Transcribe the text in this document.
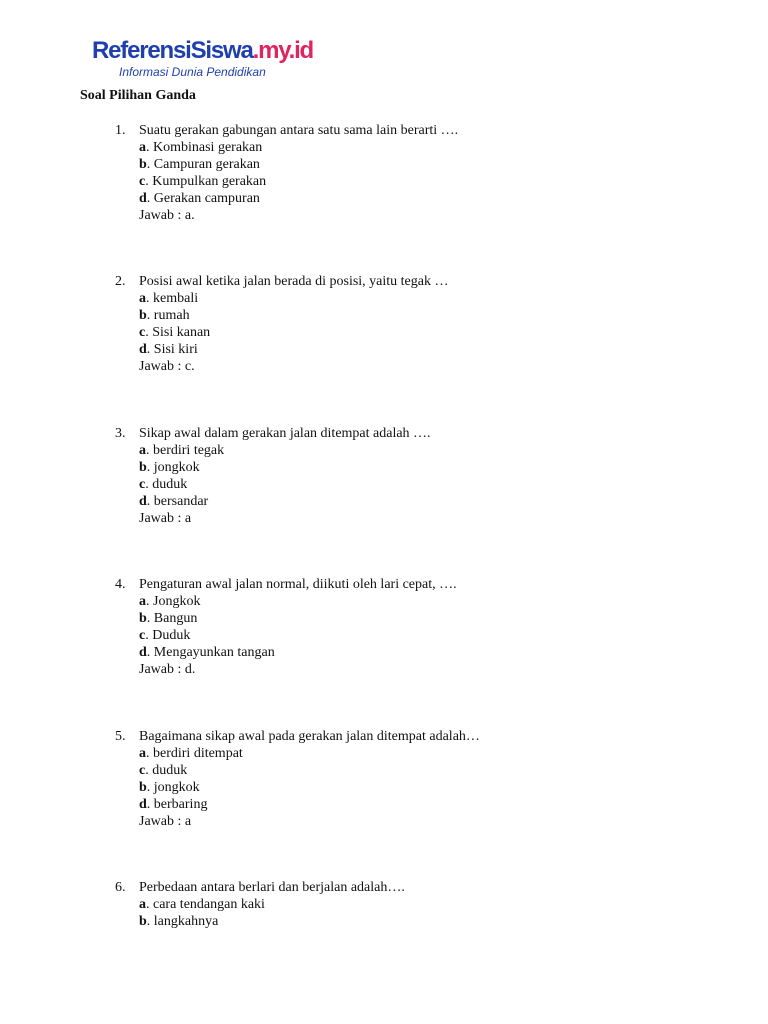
ReferensiSiswa.my.id
Informasi Dunia Pendidikan
Soal Pilihan Ganda
1. Suatu gerakan gabungan antara satu sama lain berarti ….
a. Kombinasi gerakan
b. Campuran gerakan
c. Kumpulkan gerakan
d. Gerakan campuran
Jawab : a.
2. Posisi awal ketika jalan berada di posisi, yaitu tegak …
a. kembali
b. rumah
c. Sisi kanan
d. Sisi kiri
Jawab : c.
3. Sikap awal dalam gerakan jalan ditempat adalah ….
a. berdiri tegak
b. jongkok
c. duduk
d. bersandar
Jawab : a
4. Pengaturan awal jalan normal, diikuti oleh lari cepat, ….
a. Jongkok
b. Bangun
c. Duduk
d. Mengayunkan tangan
Jawab : d.
5. Bagaimana sikap awal pada gerakan jalan ditempat adalah…
a. berdiri ditempat
c. duduk
b. jongkok
d. berbaring
Jawab : a
6. Perbedaan antara berlari dan berjalan adalah….
a. cara tendangan kaki
b. langkahnya
